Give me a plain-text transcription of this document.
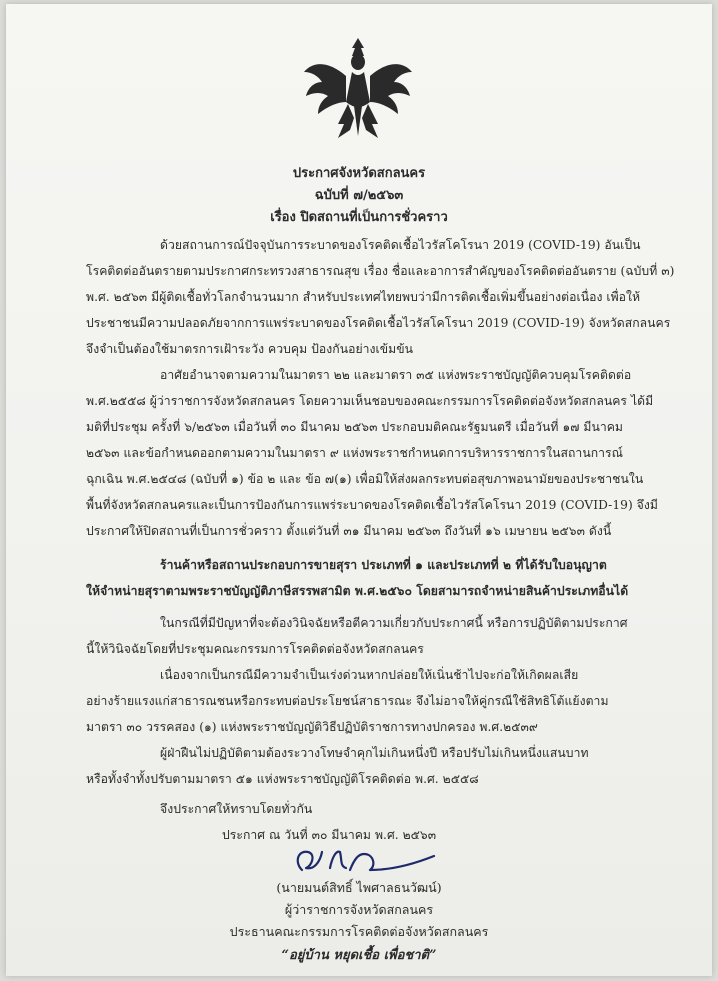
ประกาศจังหวัดสกลนคร
ฉบับที่ ๗/๒๕๖๓
เรื่อง ปิดสถานที่เป็นการชั่วคราว
ด้วยสถานการณ์ปัจจุบันการระบาดของโรคติดเชื้อไวรัสโคโรนา 2019 (COVID-19) อันเป็น
โรคติดต่ออันตรายตามประกาศกระทรวงสาธารณสุข เรื่อง ชื่อและอาการสำคัญของโรคติดต่ออันตราย (ฉบับที่ ๓)
พ.ศ. ๒๕๖๓ มีผู้ติดเชื้อทั่วโลกจำนวนมาก สำหรับประเทศไทยพบว่ามีการติดเชื้อเพิ่มขึ้นอย่างต่อเนื่อง เพื่อให้
ประชาชนมีความปลอดภัยจากการแพร่ระบาดของโรคติดเชื้อไวรัสโคโรนา 2019 (COVID-19) จังหวัดสกลนคร
จึงจำเป็นต้องใช้มาตรการเฝ้าระวัง ควบคุม ป้องกันอย่างเข้มข้น
อาศัยอำนาจตามความในมาตรา ๒๒ และมาตรา ๓๕ แห่งพระราชบัญญัติควบคุมโรคติดต่อ
พ.ศ.๒๕๕๘ ผู้ว่าราชการจังหวัดสกลนคร โดยความเห็นชอบของคณะกรรมการโรคติดต่อจังหวัดสกลนคร ได้มี
มติที่ประชุม ครั้งที่ ๖/๒๕๖๓ เมื่อวันที่ ๓๐ มีนาคม ๒๕๖๓ ประกอบมติคณะรัฐมนตรี เมื่อวันที่ ๑๗ มีนาคม
๒๕๖๓ และข้อกำหนดออกตามความในมาตรา ๙ แห่งพระราชกำหนดการบริหารราชการในสถานการณ์
ฉุกเฉิน พ.ศ.๒๕๔๘ (ฉบับที่ ๑) ข้อ ๒ และ ข้อ ๗(๑) เพื่อมิให้ส่งผลกระทบต่อสุขภาพอนามัยของประชาชนใน
พื้นที่จังหวัดสกลนครและเป็นการป้องกันการแพร่ระบาดของโรคติดเชื้อไวรัสโคโรนา 2019 (COVID-19) จึงมี
ประกาศให้ปิดสถานที่เป็นการชั่วคราว ตั้งแต่วันที่ ๓๑ มีนาคม ๒๕๖๓ ถึงวันที่ ๑๖ เมษายน ๒๕๖๓ ดังนี้
ร้านค้าหรือสถานประกอบการขายสุรา ประเภทที่ ๑ และประเภทที่ ๒ ที่ได้รับใบอนุญาต
ให้จำหน่ายสุราตามพระราชบัญญัติภาษีสรรพสามิต พ.ศ.๒๕๖๐ โดยสามารถจำหน่ายสินค้าประเภทอื่นได้
ในกรณีที่มีปัญหาที่จะต้องวินิจฉัยหรือตีความเกี่ยวกับประกาศนี้ หรือการปฏิบัติตามประกาศ
นี้ให้วินิจฉัยโดยที่ประชุมคณะกรรมการโรคติดต่อจังหวัดสกลนคร
เนื่องจากเป็นกรณีมีความจำเป็นเร่งด่วนหากปล่อยให้เนิ่นช้าไปจะก่อให้เกิดผลเสีย
อย่างร้ายแรงแก่สาธารณชนหรือกระทบต่อประโยชน์สาธารณะ จึงไม่อาจให้คู่กรณีใช้สิทธิโต้แย้งตาม
มาตรา ๓๐ วรรคสอง (๑) แห่งพระราชบัญญัติวิธีปฏิบัติราชการทางปกครอง พ.ศ.๒๕๓๙
ผู้ฝ่าฝืนไม่ปฏิบัติตามต้องระวางโทษจำคุกไม่เกินหนึ่งปี หรือปรับไม่เกินหนึ่งแสนบาท
หรือทั้งจำทั้งปรับตามมาตรา ๕๑ แห่งพระราชบัญญัติโรคติดต่อ พ.ศ. ๒๕๕๘
จึงประกาศให้ทราบโดยทั่วกัน
ประกาศ ณ วันที่ ๓๐ มีนาคม พ.ศ. ๒๕๖๓
(นายมนต์สิทธิ์ ไพศาลธนวัฒน์)
ผู้ว่าราชการจังหวัดสกลนคร
ประธานคณะกรรมการโรคติดต่อจังหวัดสกลนคร
“อยู่บ้าน หยุดเชื้อ เพื่อชาติ”
